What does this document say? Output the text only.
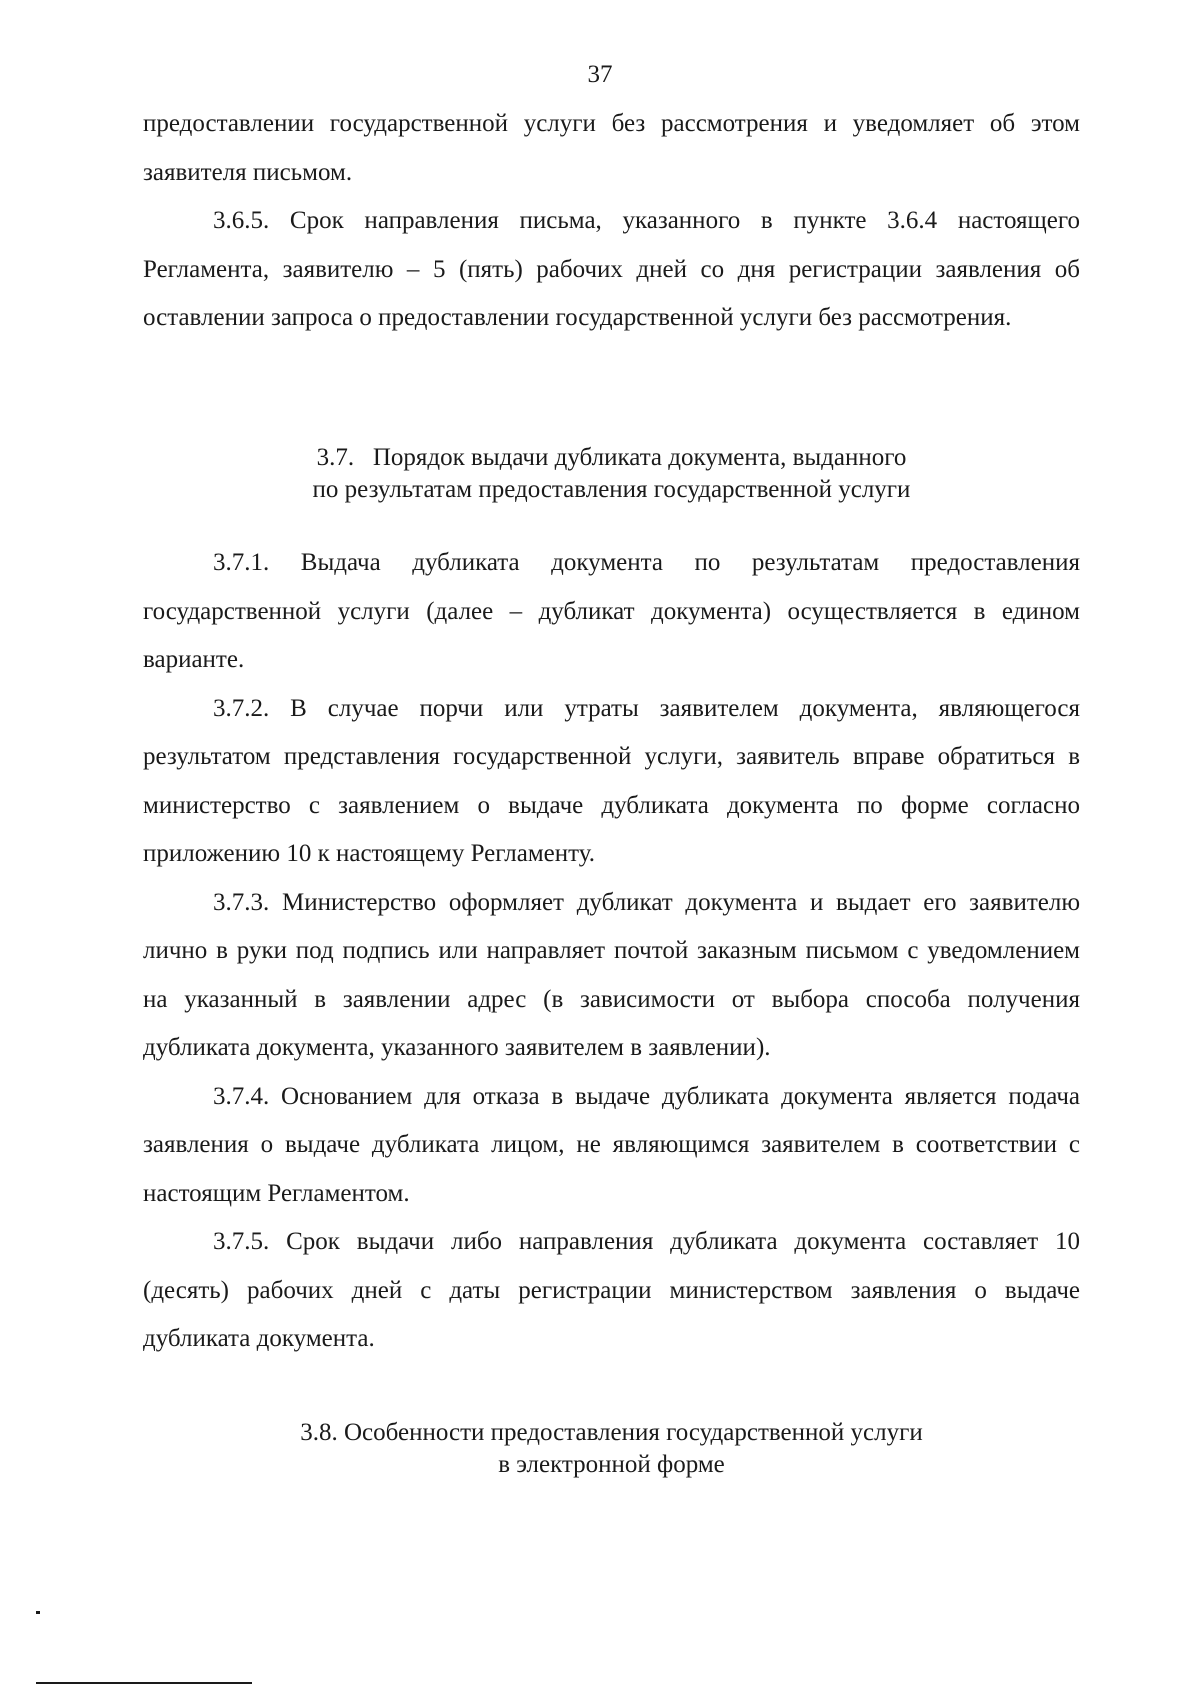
37

предоставлении государственной услуги без рассмотрения и уведомляет об этом заявителя письмом.

3.6.5. Срок направления письма, указанного в пункте 3.6.4 настоящего Регламента, заявителю – 5 (пять) рабочих дней со дня регистрации заявления об оставлении запроса о предоставлении государственной услуги без рассмотрения.

3.7.   Порядок выдачи дубликата документа, выданного
по результатам предоставления государственной услуги

3.7.1. Выдача дубликата документа по результатам предоставления государственной услуги (далее – дубликат документа) осуществляется в едином варианте.

3.7.2. В случае порчи или утраты заявителем документа, являющегося результатом представления государственной услуги, заявитель вправе обратиться в министерство с заявлением о выдаче дубликата документа по форме согласно приложению 10 к настоящему Регламенту.

3.7.3. Министерство оформляет дубликат документа и выдает его заявителю лично в руки под подпись или направляет почтой заказным письмом с уведомлением на указанный в заявлении адрес (в зависимости от выбора способа получения дубликата документа, указанного заявителем в заявлении).

3.7.4. Основанием для отказа в выдаче дубликата документа является подача заявления о выдаче дубликата лицом, не являющимся заявителем в соответствии с настоящим Регламентом.

3.7.5. Срок выдачи либо направления дубликата документа составляет 10 (десять) рабочих дней с даты регистрации министерством заявления о выдаче дубликата документа.

3.8. Особенности предоставления государственной услуги
в электронной форме
